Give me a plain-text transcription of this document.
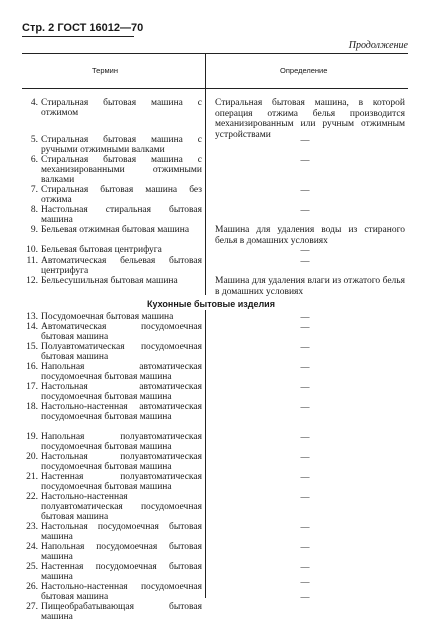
Стр. 2 ГОСТ 16012—70
Продолжение
Термин	Определение
4. Стиральная бытовая машина с отжимом
5. Стиральная бытовая машина с ручными отжимными валками
6. Стиральная бытовая машина с механизированными отжимными валками
7. Стиральная бытовая машина без отжима
8. Настольная стиральная бытовая машина
9. Бельевая отжимная бытовая машина
10. Бельевая бытовая центрифуга
11. Автоматическая бельевая бытовая центрифуга
12. Бельесушильная бытовая машина
Стиральная бытовая машина, в которой операция отжима белья производится механизированным или ручным отжимным устройствами
—
—
—
—
Машина для удаления воды из стираного белья в домашних условиях
—
—
Машина для удаления влаги из отжатого белья в домашних условиях
Кухонные бытовые изделия
13. Посудомоечная бытовая машина
14. Автоматическая посудомоечная бытовая машина
15. Полуавтоматическая посудомоечная бытовая машина
16. Напольная автоматическая посудомоечная бытовая машина
17. Настольная автоматическая посудомоечная бытовая машина
18. Настольно-настенная автоматическая посудомоечная бытовая машина
19. Напольная полуавтоматическая посудомоечная бытовая машина
20. Настольная полуавтоматическая посудомоечная бытовая машина
21. Настенная полуавтоматическая посудомоечная бытовая машина
22. Настольно-настенная полуавтоматическая посудомоечная бытовая машина
23. Настольная посудомоечная бытовая машина
24. Напольная посудомоечная бытовая машина
25. Настенная посудомоечная бытовая машина
26. Настольно-настенная посудомоечная бытовая машина
27. Пищеобрабатывающая бытовая машина
—
—
—
—
—
—
—
—
—
—
—
—
—
—
—
